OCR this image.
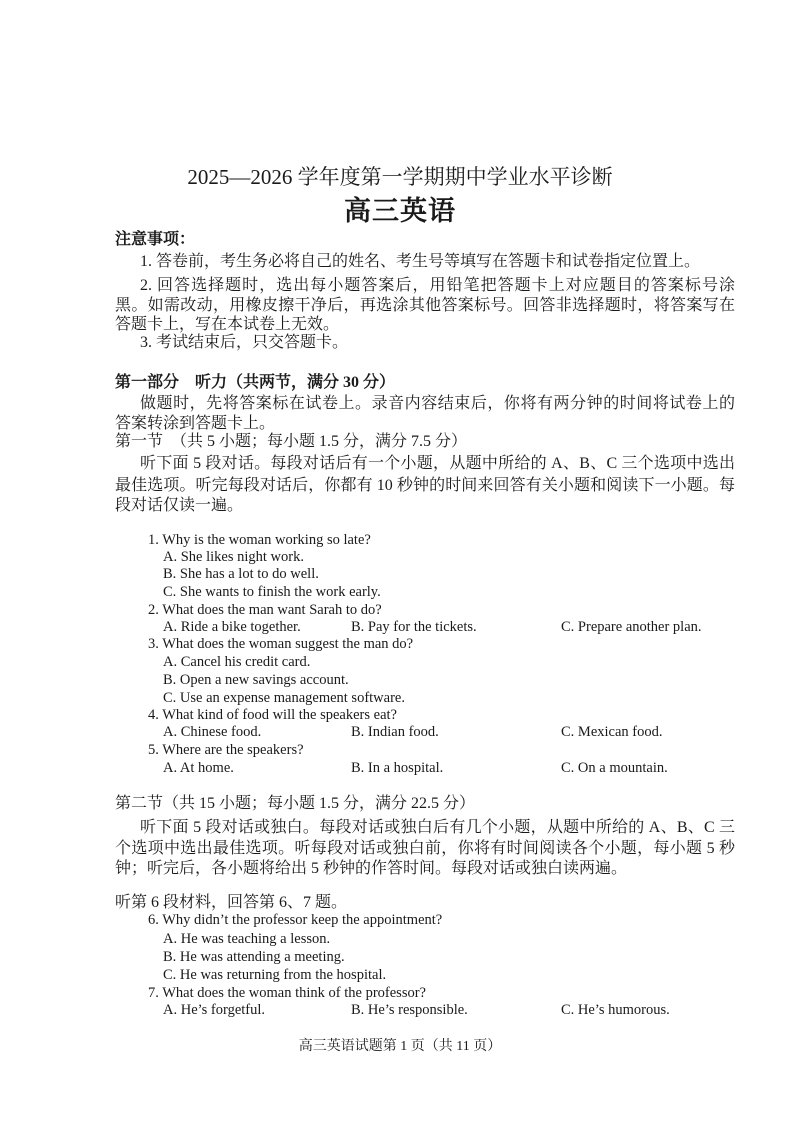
2025—2026 学年度第一学期期中学业水平诊断
高三英语
注意事项：
1. 答卷前，考生务必将自己的姓名、考生号等填写在答题卡和试卷指定位置上。
2. 回答选择题时，选出每小题答案后，用铅笔把答题卡上对应题目的答案标号涂
黑。如需改动，用橡皮擦干净后，再选涂其他答案标号。回答非选择题时，将答案写在
答题卡上，写在本试卷上无效。
3. 考试结束后，只交答题卡。
第一部分　听力（共两节，满分 30 分）
做题时，先将答案标在试卷上。录音内容结束后，你将有两分钟的时间将试卷上的
答案转涂到答题卡上。
第一节　（共 5 小题；每小题 1.5 分，满分 7.5 分）
听下面 5 段对话。每段对话后有一个小题，从题中所给的 A、B、C 三个选项中选出
最佳选项。听完每段对话后，你都有 10 秒钟的时间来回答有关小题和阅读下一小题。每
段对话仅读一遍。
1. Why is the woman working so late?
A. She likes night work.
B. She has a lot to do well.
C. She wants to finish the work early.
2. What does the man want Sarah to do?
A. Ride a bike together.	B. Pay for the tickets.	C. Prepare another plan.
3. What does the woman suggest the man do?
A. Cancel his credit card.
B. Open a new savings account.
C. Use an expense management software.
4. What kind of food will the speakers eat?
A. Chinese food.	B. Indian food.	C. Mexican food.
5. Where are the speakers?
A. At home.	B. In a hospital.	C. On a mountain.
第二节（共 15 小题；每小题 1.5 分，满分 22.5 分）
听下面 5 段对话或独白。每段对话或独白后有几个小题，从题中所给的 A、B、C 三
个选项中选出最佳选项。听每段对话或独白前，你将有时间阅读各个小题，每小题 5 秒
钟；听完后，各小题将给出 5 秒钟的作答时间。每段对话或独白读两遍。
听第 6 段材料，回答第 6、7 题。
6. Why didn’t the professor keep the appointment?
A. He was teaching a lesson.
B. He was attending a meeting.
C. He was returning from the hospital.
7. What does the woman think of the professor?
A. He’s forgetful.	B. He’s responsible.	C. He’s humorous.
高三英语试题第 1 页（共 11 页）
